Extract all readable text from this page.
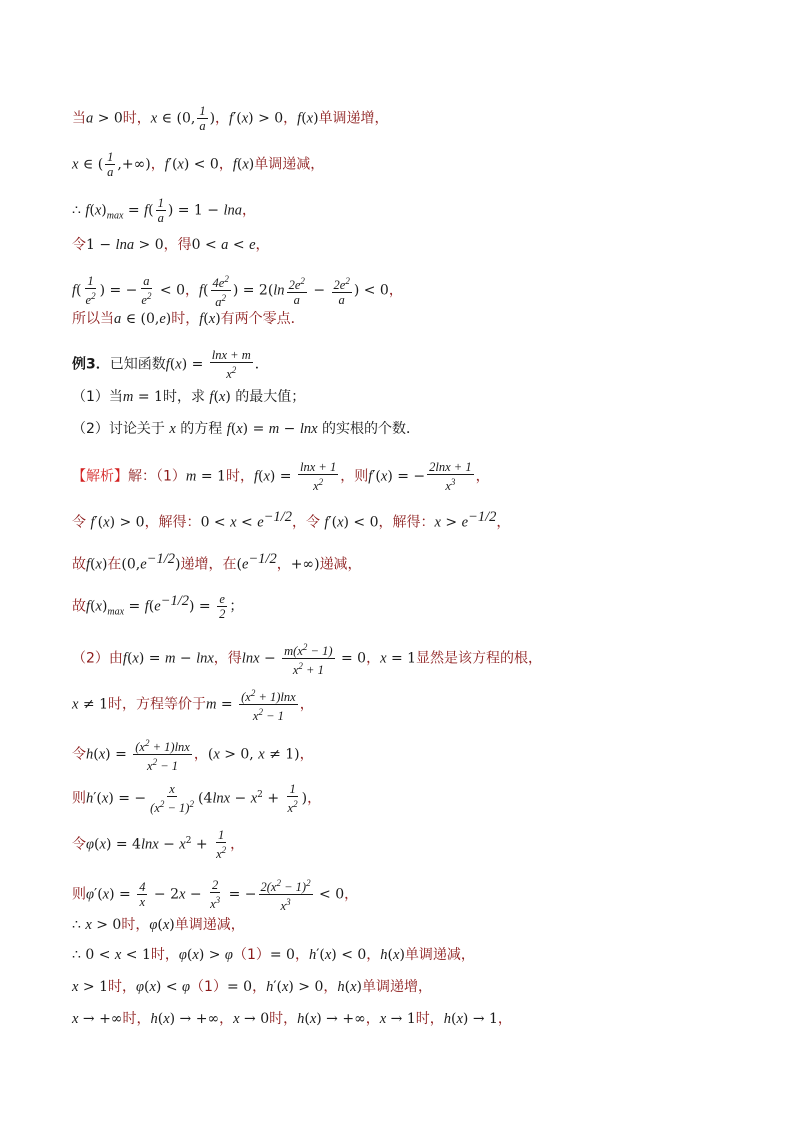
当a > 0时，x ∈ (0, $\frac{1}{a}$ )，f′(x) > 0，f(x)单调递增，
x ∈ ( $\frac{1}{a}$ ,+∞)，f′(x) < 0，f(x)单调递减，
∴ $f(x)_{max} = f( \frac{1}{a}$ ) = 1 − lna，
令1 − lna > 0，得0 < a < e，
$f( \frac{1}{e^2}$ ) = − $\frac{a}{e^2} < 0$，$f( \frac{4e^2}{a^2}$ ) = $2(\ln \frac{2e^2}{a} - \frac{2e^2}{a}$ ) < 0，
所以当a ∈ (0,e)时，f(x)有两个零点．
例3．已知函数$f(x) = \frac{\ln x + m}{x^2}$ ．
（1）当m = 1时，求 f(x) 的最大值；
（2）讨论关于 x 的方程 f(x) = m − lnx 的实根的个数．
【解析】解：（1）m = 1时，$f(x) = \frac{\ln x + 1}{x^2}$ ，则f′(x) = − $\frac{2\ln x + 1}{x^3}$ ，
令 f′(x) > 0，解得：$0 < x < e^{-1/2}$，令 f′(x) < 0，解得：$x > e^{-1/2}$，
故f(x)在$(0,e^{-1/2})$递增，在($e^{-1/2}$，+∞)递减，
故$f(x)_{max} = f(e^{-1/2}) = \frac{e}{2}$ ；
（2）由f(x) = m − lnx，得$\ln x - \frac{m(x^2 - 1)}{x^2 + 1} = 0$，x = 1显然是该方程的根，
x ≠ 1时，方程等价于$m = \frac{(x^2 + 1)\ln x}{x^2 - 1}$ ，
令$h(x) = \frac{(x^2 + 1)\ln x}{x^2 - 1}$ ，(x > 0, x ≠ 1)，
则h′(x) = − $\frac{x}{(x^2 - 1)^2} (4\ln x - x^2 + \frac{1}{x^2}$ )，
令$\varphi(x) = 4\ln x - x^2 + \frac{1}{x^2}$ ，
则$\varphi'(x) = \frac{4}{x} - 2x - \frac{2}{x^3}$ = − $\frac{2(x^2 - 1)^2}{x^3} < 0$，
∴ x > 0时，φ(x)单调递减，
∴ 0 < x < 1时，φ(x) > φ（1）= 0，h′(x) < 0，h(x)单调递减，
x > 1时，φ(x) < φ（1）= 0，h′(x) > 0，h(x)单调递增，
x → +∞时，h(x) → +∞，x → 0时，h(x) → +∞，x → 1时，h(x) → 1，
